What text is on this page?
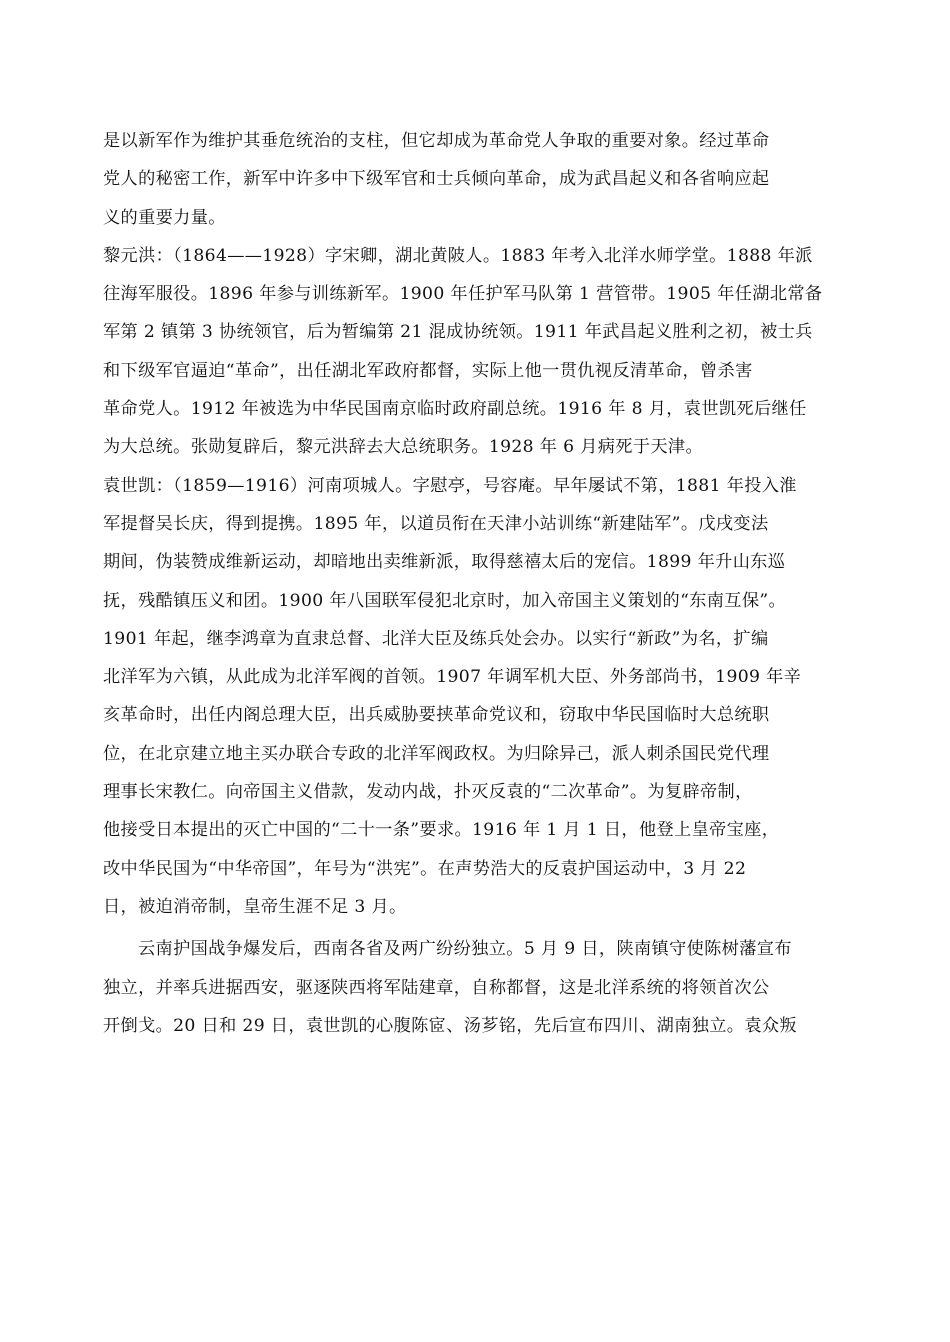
是以新军作为维护其垂危统治的支柱，但它却成为革命党人争取的重要对象。经过革命
党人的秘密工作，新军中许多中下级军官和士兵倾向革命，成为武昌起义和各省响应起
义的重要力量。
黎元洪：（1864——1928）字宋卿，湖北黄陂人。1883 年考入北洋水师学堂。1888 年派
往海军服役。1896 年参与训练新军。1900 年任护军马队第 1 营管带。1905 年任湖北常备
军第 2 镇第 3 协统领官，后为暂编第 21 混成协统领。1911 年武昌起义胜利之初，被士兵
和下级军官逼迫“革命”，出任湖北军政府都督，实际上他一贯仇视反清革命，曾杀害
革命党人。1912 年被选为中华民国南京临时政府副总统。1916 年 8 月，袁世凯死后继任
为大总统。张勋复辟后，黎元洪辞去大总统职务。1928 年 6 月病死于天津。
袁世凯：（1859—1916）河南项城人。字慰亭，号容庵。早年屡试不第，1881 年投入淮
军提督吴长庆，得到提携。1895 年，以道员衔在天津小站训练“新建陆军”。戊戌变法
期间，伪装赞成维新运动，却暗地出卖维新派，取得慈禧太后的宠信。1899 年升山东巡
抚，残酷镇压义和团。1900 年八国联军侵犯北京时，加入帝国主义策划的“东南互保”。
1901 年起，继李鸿章为直隶总督、北洋大臣及练兵处会办。以实行“新政”为名，扩编
北洋军为六镇，从此成为北洋军阀的首领。1907 年调军机大臣、外务部尚书，1909 年辛
亥革命时，出任内阁总理大臣，出兵威胁要挟革命党议和，窃取中华民国临时大总统职
位，在北京建立地主买办联合专政的北洋军阀政权。为归除异己，派人刺杀国民党代理
理事长宋教仁。向帝国主义借款，发动内战，扑灭反袁的“二次革命”。为复辟帝制，
他接受日本提出的灭亡中国的“二十一条”要求。1916 年 1 月 1 日，他登上皇帝宝座，
改中华民国为“中华帝国”，年号为“洪宪”。在声势浩大的反袁护国运动中，3 月 22
日，被迫消帝制，皇帝生涯不足 3 月。
云南护国战争爆发后，西南各省及两广纷纷独立。5 月 9 日，陕南镇守使陈树藩宣布
独立，并率兵进据西安，驱逐陕西将军陆建章，自称都督，这是北洋系统的将领首次公
开倒戈。20 日和 29 日，袁世凯的心腹陈宧、汤芗铭，先后宣布四川、湖南独立。袁众叛
